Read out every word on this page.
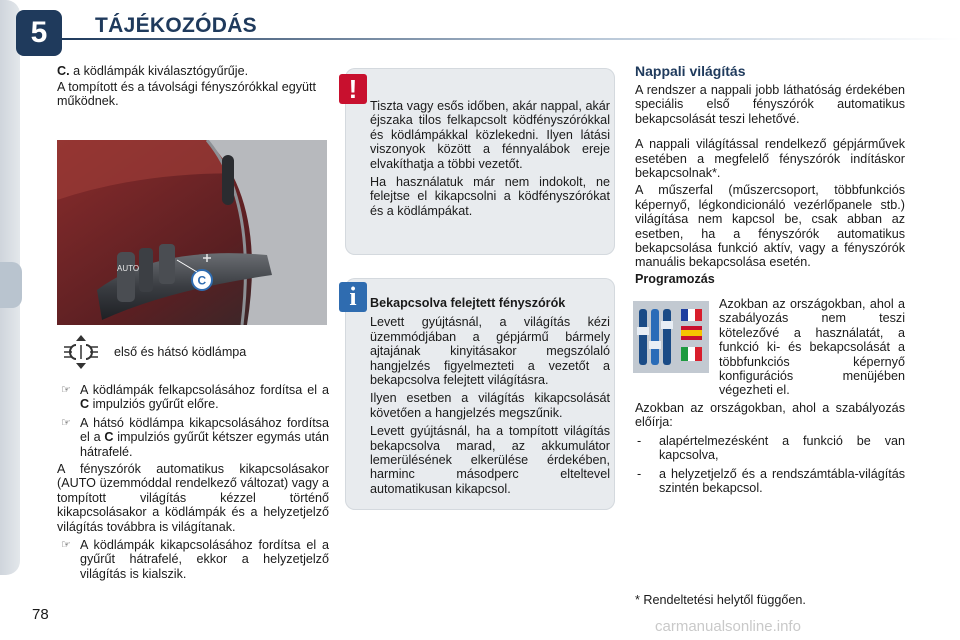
5	TÁJÉKOZÓDÁS

C. a ködlámpák kiválasztógyűrűje.

A tompított és a távolsági fényszórókkal együtt működnek.

AUTO
C

első és hátsó ködlámpa

☞ A ködlámpák felkapcsolásához fordítsa el a C impulziós gyűrűt előre.

☞ A hátsó ködlámpa kikapcsolásához fordítsa el a C impulziós gyűrűt kétszer egymás után hátrafelé.

A fényszórók automatikus kikapcsolásakor (AUTO üzemmóddal rendelkező változat) vagy a tompított világítás kézzel történő kikapcsolásakor a ködlámpák és a helyzetjelző világítás továbbra is világítanak.

☞ A ködlámpák kikapcsolásához fordítsa el a gyűrűt hátrafelé, ekkor a helyzetjelző világítás is kialszik.

78
!

Tiszta vagy esős időben, akár nappal, akár éjszaka tilos felkapcsolt ködfényszórókkal és ködlámpákkal közlekedni. Ilyen látási viszonyok között a fénnyalábok ereje elvakíthatja a többi vezetőt.

Ha használatuk már nem indokolt, ne felejtse el kikapcsolni a ködfényszórókat és a ködlámpákat.

i	Bekapcsolva felejtett fényszórók

Levett gyújtásnál, a világítás kézi üzemmódjában a gépjármű bármely ajtajának kinyitásakor megszólaló hangjelzés figyelmezteti a vezetőt a bekapcsolva felejtett világításra.

Ilyen esetben a világítás kikapcsolását követően a hangjelzés megszűnik.

Levett gyújtásnál, ha a tompított világítás bekapcsolva marad, az akkumulátor lemerülésének elkerülése érdekében, harminc másodperc elteltevel automatikusan kikapcsol.

Nappali világítás

A rendszer a nappali jobb láthatóság érdekében speciális első fényszórók automatikus bekapcsolását teszi lehetővé.

A nappali világítással rendelkező gépjárművek esetében a megfelelő fényszórók indításkor bekapcsolnak*.

A műszerfal (műszercsoport, többfunkciós képernyő, légkondicionáló vezérlőpanele stb.) világítása nem kapcsol be, csak abban az esetben, ha a fényszórók automatikus bekapcsolása funkció aktív, vagy a fényszórók manuális bekapcsolása esetén.

Programozás

Azokban az országokban, ahol a szabályozás nem teszi kötelezővé a használatát, a funkció ki- és bekapcsolását a többfunkciós képernyő konfigurációs menüjében végezheti el.

Azokban az országokban, ahol a szabályozás előírja:

- alapértelmezésként a funkció be van kapcsolva,

- a helyzetjelző és a rendszámtábla-világítás szintén bekapcsol.

* Rendeltetési helytől függően.

carmanualsonline.info
